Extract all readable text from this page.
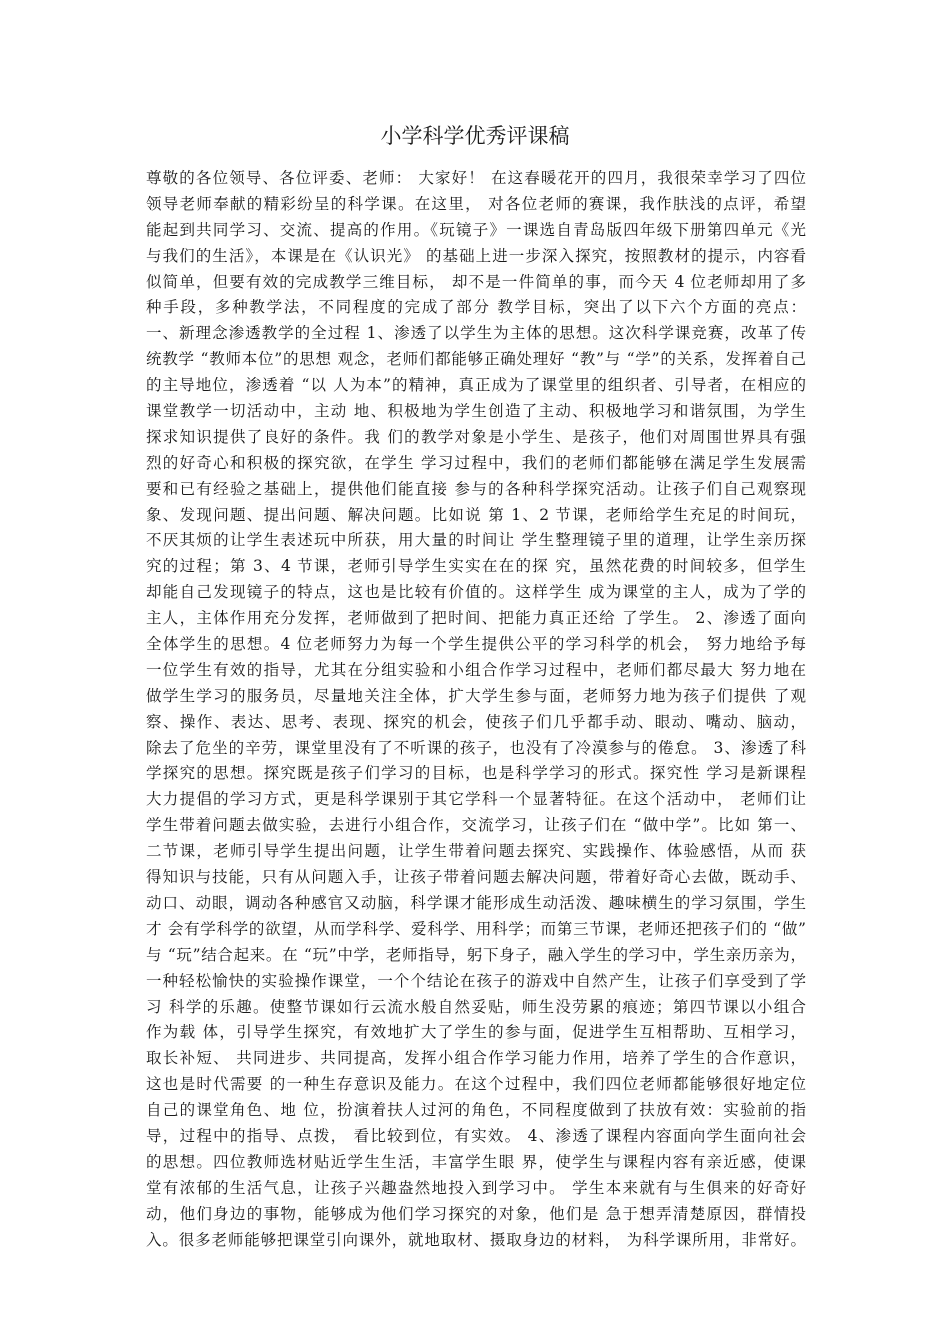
小学科学优秀评课稿
尊敬的各位领导、各位评委、老师： 大家好！ 在这春暖花开的四月，我很荣幸学习了四位
领导老师奉献的精彩纷呈的科学课。在这里， 对各位老师的赛课，我作肤浅的点评，希望
能起到共同学习、交流、提高的作用。《玩镜子》一课选自青岛版四年级下册第四单元《光
与我们的生活》，本课是在《认识光》 的基础上进一步深入探究，按照教材的提示，内容看
似简单，但要有效的完成教学三维目标， 却不是一件简单的事，而今天 4 位老师却用了多
种手段，多种教学法，不同程度的完成了部分 教学目标，突出了以下六个方面的亮点：
一、新理念渗透教学的全过程 1、渗透了以学生为主体的思想。这次科学课竞赛，改革了传
统教学 “教师本位”的思想 观念，老师们都能够正确处理好 “教”与 “学”的关系，发挥着自己
的主导地位，渗透着 “以 人为本”的精神，真正成为了课堂里的组织者、引导者，在相应的
课堂教学一切活动中，主动 地、积极地为学生创造了主动、积极地学习和谐氛围，为学生
探求知识提供了良好的条件。我 们的教学对象是小学生、是孩子，他们对周围世界具有强
烈的好奇心和积极的探究欲，在学生 学习过程中，我们的老师们都能够在满足学生发展需
要和已有经验之基础上，提供他们能直接 参与的各种科学探究活动。让孩子们自己观察现
象、发现问题、提出问题、解决问题。比如说 第 1、2 节课，老师给学生充足的时间玩，
不厌其烦的让学生表述玩中所获，用大量的时间让 学生整理镜子里的道理，让学生亲历探
究的过程；第 3、4 节课，老师引导学生实实在在的探 究，虽然花费的时间较多，但学生
却能自己发现镜子的特点，这也是比较有价值的。这样学生 成为课堂的主人，成为了学的
主人，主体作用充分发挥，老师做到了把时间、把能力真正还给 了学生。 2、渗透了面向
全体学生的思想。4 位老师努力为每一个学生提供公平的学习科学的机会， 努力地给予每
一位学生有效的指导，尤其在分组实验和小组合作学习过程中，老师们都尽最大 努力地在
做学生学习的服务员，尽量地关注全体，扩大学生参与面，老师努力地为孩子们提供 了观
察、操作、表达、思考、表现、探究的机会，使孩子们几乎都手动、眼动、嘴动、脑动，
除去了危坐的辛劳，课堂里没有了不听课的孩子，也没有了冷漠参与的倦怠。 3、渗透了科
学探究的思想。探究既是孩子们学习的目标，也是科学学习的形式。探究性 学习是新课程
大力提倡的学习方式，更是科学课别于其它学科一个显著特征。在这个活动中， 老师们让
学生带着问题去做实验，去进行小组合作，交流学习，让孩子们在 “做中学”。比如 第一、
二节课，老师引导学生提出问题，让学生带着问题去探究、实践操作、体验感悟，从而 获
得知识与技能，只有从问题入手，让孩子带着问题去解决问题，带着好奇心去做，既动手、
动口、动眼，调动各种感官又动脑，科学课才能形成生动活泼、趣味横生的学习氛围，学生
才 会有学科学的欲望，从而学科学、爱科学、用科学；而第三节课，老师还把孩子们的 “做”
与 “玩”结合起来。在 “玩”中学，老师指导，躬下身子，融入学生的学习中，学生亲历亲为，
一种轻松愉快的实验操作课堂，一个个结论在孩子的游戏中自然产生，让孩子们享受到了学
习 科学的乐趣。使整节课如行云流水般自然妥贴，师生没劳累的痕迹；第四节课以小组合
作为载 体，引导学生探究，有效地扩大了学生的参与面，促进学生互相帮助、互相学习，
取长补短、 共同进步、共同提高，发挥小组合作学习能力作用，培养了学生的合作意识，
这也是时代需要 的一种生存意识及能力。在这个过程中，我们四位老师都能够很好地定位
自己的课堂角色、地 位，扮演着扶人过河的角色，不同程度做到了扶放有效：实验前的指
导，过程中的指导、点拨， 看比较到位，有实效。 4、渗透了课程内容面向学生面向社会
的思想。四位教师选材贴近学生生活，丰富学生眼 界，使学生与课程内容有亲近感，使课
堂有浓郁的生活气息，让孩子兴趣盎然地投入到学习中。 学生本来就有与生俱来的好奇好
动，他们身边的事物，能够成为他们学习探究的对象，他们是 急于想弄清楚原因，群情投
入。很多老师能够把课堂引向课外，就地取材、摄取身边的材料， 为科学课所用，非常好。
